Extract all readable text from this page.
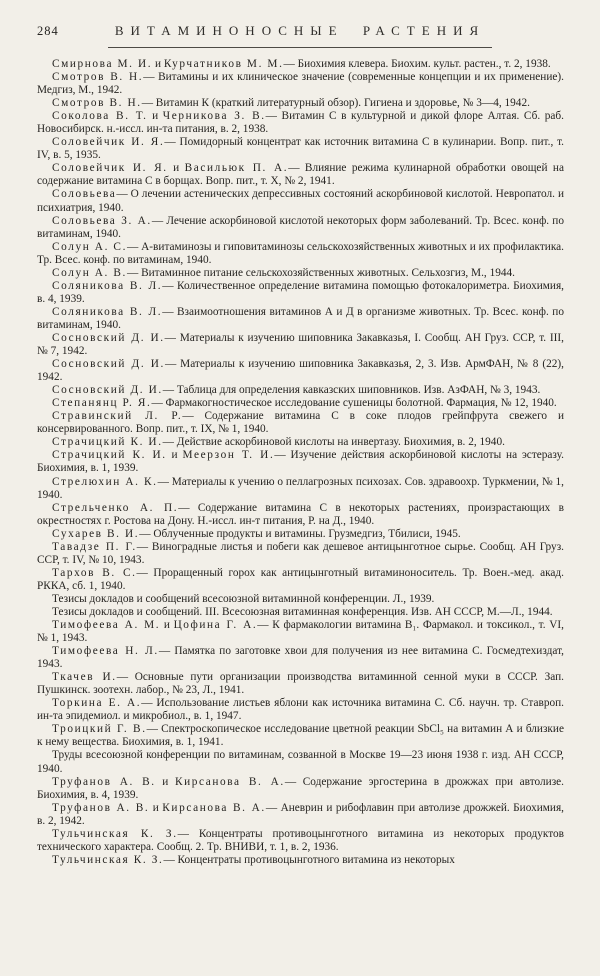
284	ВИТАМИНОНОСНЫЕ РАСТЕНИЯ

Смирнова М. И. и Курчатников М. М.— Биохимия клевера. Биохим. культ. растен., т. 2, 1938.

Смотров В. Н.— Витамины и их клиническое значение (современные концепции и их применение). Медгиз, М., 1942.

Смотров В. Н.— Витамин К (краткий литературный обзор). Гигиена и здоровье, № 3—4, 1942.

Соколова В. Т. и Черникова З. В.— Витамин С в культурной и дикой флоре Алтая. Сб. раб. Новосибирск. н.-иссл. ин-та питания, в. 2, 1938.

Соловейчик И. Я.— Помидорный концентрат как источник витамина С в кулинарии. Вопр. пит., т. IV, в. 5, 1935.

Соловейчик И. Я. и Васильюк П. А.— Влияние режима кулинарной обработки овощей на содержание витамина С в борщах. Вопр. пит., т. X, № 2, 1941.

Соловьева— О лечении астенических депрессивных состояний аскорбиновой кислотой. Невропатол. и психиатрия, 1940.

Соловьева З. А.— Лечение аскорбиновой кислотой некоторых форм заболеваний. Тр. Всес. конф. по витаминам, 1940.

Солун А. С.— А-витаминозы и гиповитаминозы сельскохозяйственных животных и их профилактика. Тр. Всес. конф. по витаминам, 1940.

Солун А. В.— Витаминное питание сельскохозяйственных животных. Сельхозгиз, М., 1944.

Соляникова В. Л.— Количественное определение витамина помощью фотокалориметра. Биохимия, в. 4, 1939.

Соляникова В. Л.— Взаимоотношения витаминов А и Д в организме животных. Тр. Всес. конф. по витаминам, 1940.

Сосновский Д. И.— Материалы к изучению шиповника Закавказья, I. Сообщ. АН Груз. ССР, т. III, № 7, 1942.

Сосновский Д. И.— Материалы к изучению шиповника Закавказья, 2, 3. Изв. АрмФАН, № 8 (22), 1942.

Сосновский Д. И.— Таблица для определения кавказских шиповников. Изв. АзФАН, № 3, 1943.

Степанянц Р. Я.— Фармакогностическое исследование сушеницы болотной. Фармация, № 12, 1940.

Стравинский Л. Р.— Содержание витамина С в соке плодов грейпфрута свежего и консервированного. Вопр. пит., т. IX, № 1, 1940.

Страчицкий К. И.— Действие аскорбиновой кислоты на инвертазу. Биохимия, в. 2, 1940.

Страчицкий К. И. и Меерзон Т. И.— Изучение действия аскорбиновой кислоты на эстеразу. Биохимия, в. 1, 1939.

Стрелюхин А. К.— Материалы к учению о пеллагрозных психозах. Сов. здравоохр. Туркмении, № 1, 1940.

Стрельченко А. П.— Содержание витамина С в некоторых растениях, произрастающих в окрестностях г. Ростова на Дону. Н.-иссл. ин-т питания, Р. на Д., 1940.

Сухарев В. И.— Облученные продукты и витамины. Грузмедгиз, Тбилиси, 1945.

Тавадзе П. Г.— Виноградные листья и побеги как дешевое антицынготное сырье. Сообщ. АН Груз. ССР, т. IV, № 10, 1943.

Тархов В. С.— Проращенный горох как антицынготный витаминоноситель. Тр. Воен.-мед. акад. РККА, сб. 1, 1940.

Тезисы докладов и сообщений всесоюзной витаминной конференции. Л., 1939.

Тезисы докладов и сообщений. III. Всесоюзная витаминная конференция. Изв. АН СССР, М.—Л., 1944.

Тимофеева А. М. и Цофина Г. А.— К фармакологии витамина В₁. Фармакол. и токсикол., т. VI, № 1, 1943.

Тимофеева Н. Л.— Памятка по заготовке хвои для получения из нее витамина С. Госмедтехиздат, 1943.

Ткачев И.— Основные пути организации производства витаминной сенной муки в СССР. Зап. Пушкинск. зоотехн. лабор., № 23, Л., 1941.

Торкина Е. А.— Использование листьев яблони как источника витамина С. Сб. научн. тр. Ставроп. ин-та эпидемиол. и микробиол., в. 1, 1947.

Троицкий Г. В.— Спектроскопическое исследование цветной реакции SbCl₅ на витамин А и близкие к нему вещества. Биохимия, в. 1, 1941.

Труды всесоюзной конференции по витаминам, созванной в Москве 19—23 июня 1938 г. изд. АН СССР, 1940.

Труфанов А. В. и Кирсанова В. А.— Содержание эргостерина в дрожжах при автолизе. Биохимия, в. 4, 1939.

Труфанов А. В. и Кирсанова В. А.— Аневрин и рибофлавин при автолизе дрожжей. Биохимия, в. 2, 1942.

Тульчинская К. З.— Концентраты противоцынготного витамина из некоторых продуктов технического характера. Сообщ. 2. Тр. ВНИВИ, т. 1, в. 2, 1936.

Тульчинская К. З.— Концентраты противоцынготного витамина из некоторых
